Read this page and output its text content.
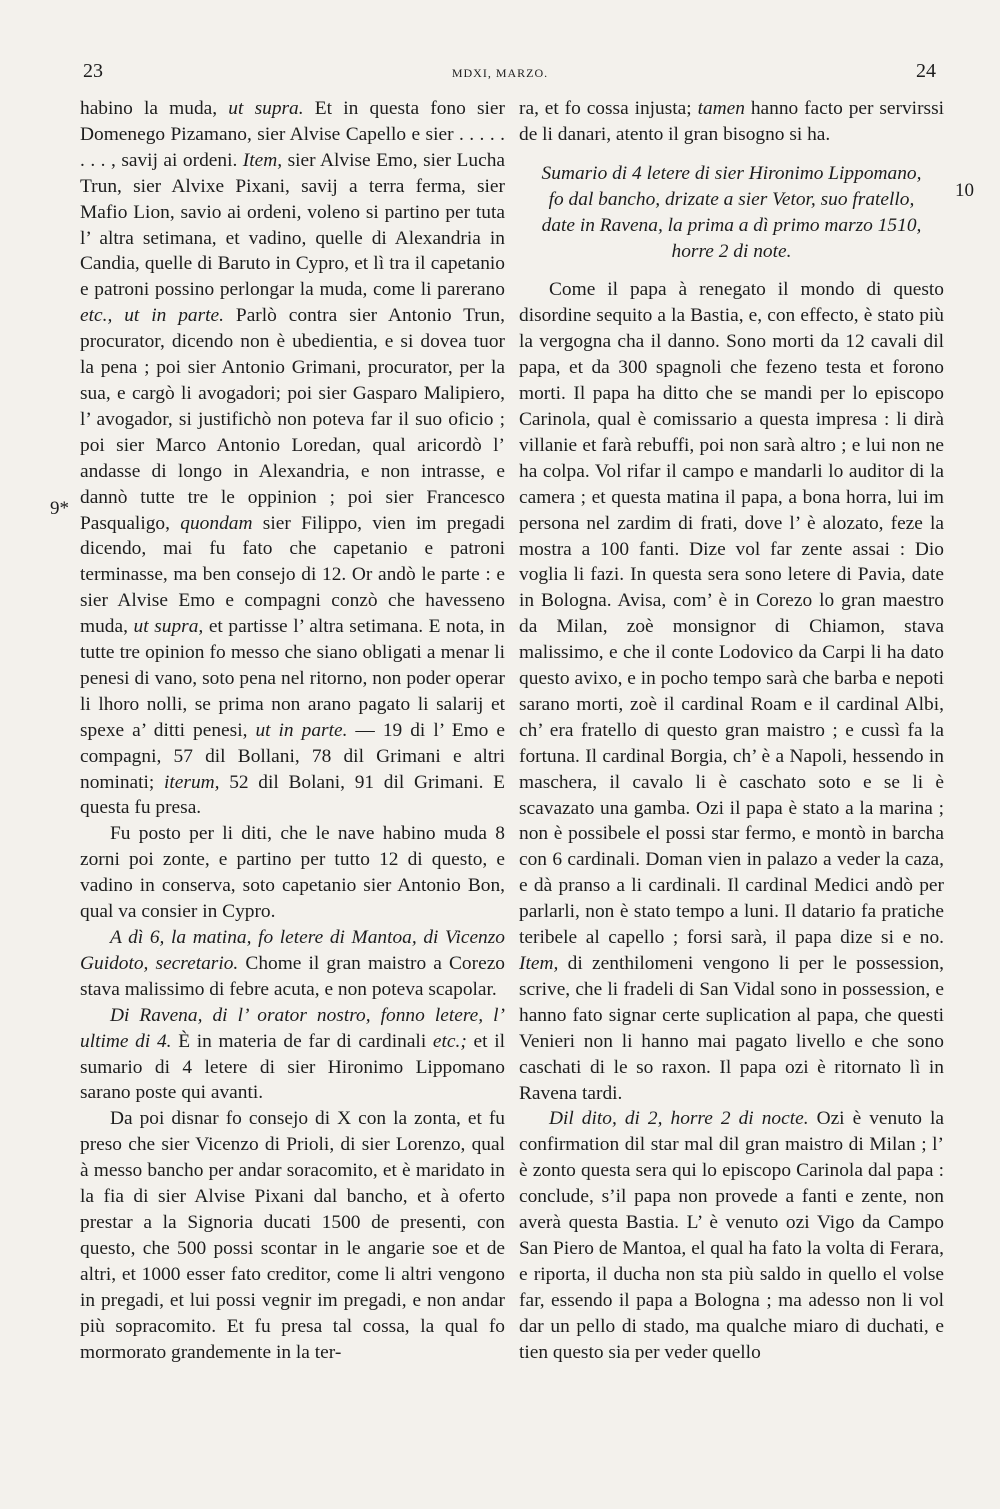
23	MDXI, MARZO.	24
9*
10

habino la muda, ut supra. Et in questa fono sier Domenego Pizamano, sier Alvise Capello e sier . . . . . . . . , savij ai ordeni. Item, sier Alvise Emo, sier Lucha Trun, sier Alvixe Pixani, savij a terra ferma, sier Mafio Lion, savio ai ordeni, voleno si partino per tuta l’ altra setimana, et vadino, quelle di Alexandria in Candia, quelle di Baruto in Cypro, et lì tra il capetanio e patroni possino perlongar la muda, come li parerano etc., ut in parte. Parlò contra sier Antonio Trun, procurator, dicendo non è ubedientia, e si dovea tuor la pena ; poi sier Antonio Grimani, procurator, per la sua, e cargò li avogadori; poi sier Gasparo Malipiero, l’ avogador, si justifichò non poteva far il suo oficio ; poi sier Marco Antonio Loredan, qual aricordò l’ andasse di longo in Alexandria, e non intrasse, e dannò tutte tre le oppinion ; poi sier Francesco Pasqualigo, quondam sier Filippo, vien im pregadi dicendo, mai fu fato che capetanio e patroni terminasse, ma ben consejo di 12. Or andò le parte : e sier Alvise Emo e compagni conzò che havesseno muda, ut supra, et partisse l’ altra setimana. E nota, in tutte tre opinion fo messo che siano obligati a menar li penesi di vano, soto pena nel ritorno, non poder operar li lhoro nolli, se prima non arano pagato li salarij et spexe a’ ditti penesi, ut in parte. — 19 di l’ Emo e compagni, 57 dil Bollani, 78 dil Grimani e altri nominati; iterum, 52 dil Bolani, 91 dil Grimani. E questa fu presa.

Fu posto per li diti, che le nave habino muda 8 zorni poi zonte, e partino per tutto 12 di questo, e vadino in conserva, soto capetanio sier Antonio Bon, qual va consier in Cypro.

A dì 6, la matina, fo letere di Mantoa, di Vicenzo Guidoto, secretario. Chome il gran maistro a Corezo stava malissimo di febre acuta, e non poteva scapolar.

Di Ravena, di l’ orator nostro, fonno letere, l’ ultime di 4. È in materia de far di cardinali etc.; et il sumario di 4 letere di sier Hironimo Lippomano sarano poste qui avanti.

Da poi disnar fo consejo di X con la zonta, et fu preso che sier Vicenzo di Prioli, di sier Lorenzo, qual à messo bancho per andar soracomito, et è maridato in la fia di sier Alvise Pixani dal bancho, et à oferto prestar a la Signoria ducati 1500 de presenti, con questo, che 500 possi scontar in le angarie soe et de altri, et 1000 esser fato creditor, come li altri vengono in pregadi, et lui possi vegnir im pregadi, e non andar più sopracomito. Et fu presa tal cossa, la qual fo mormorato grandemente in la ter-

ra, et fo cossa injusta; tamen hanno facto per servirssi de li danari, atento il gran bisogno si ha.

Sumario di 4 letere di sier Hironimo Lippomano, fo dal bancho, drizate a sier Vetor, suo fratello, date in Ravena, la prima a dì primo marzo 1510, horre 2 di note.

Come il papa à renegato il mondo di questo disordine sequito a la Bastia, e, con effecto, è stato più la vergogna cha il danno. Sono morti da 12 cavali dil papa, et da 300 spagnoli che fezeno testa et forono morti. Il papa ha ditto che se mandi per lo episcopo Carinola, qual è comissario a questa impresa : li dirà villanie et farà rebuffi, poi non sarà altro ; e lui non ne ha colpa. Vol rifar il campo e mandarli lo auditor di la camera ; et questa matina il papa, a bona horra, lui im persona nel zardim di frati, dove l’ è alozato, feze la mostra a 100 fanti. Dize vol far zente assai : Dio voglia li fazi. In questa sera sono letere di Pavia, date in Bologna. Avisa, com’ è in Corezo lo gran maestro da Milan, zoè monsignor di Chiamon, stava malissimo, e che il conte Lodovico da Carpi li ha dato questo avixo, e in pocho tempo sarà che barba e nepoti sarano morti, zoè il cardinal Roam e il cardinal Albi, ch’ era fratello di questo gran maistro ; e cussì fa la fortuna. Il cardinal Borgia, ch’ è a Napoli, hessendo in maschera, il cavalo li è caschato soto e se li è scavazato una gamba. Ozi il papa è stato a la marina ; non è possibele el possi star fermo, e montò in barcha con 6 cardinali. Doman vien in palazo a veder la caza, e dà pranso a li cardinali. Il cardinal Medici andò per parlarli, non è stato tempo a luni. Il datario fa pratiche teribele al capello ; forsi sarà, il papa dize si e no. Item, di zenthilomeni vengono li per le possession, scrive, che li fradeli di San Vidal sono in possession, e hanno fato signar certe suplication al papa, che questi Venieri non li hanno mai pagato livello e che sono caschati di le so raxon. Il papa ozi è ritornato lì in Ravena tardi.

Dil dito, di 2, horre 2 di nocte. Ozi è venuto la confirmation dil star mal dil gran maistro di Milan ; l’ è zonto questa sera qui lo episcopo Carinola dal papa : conclude, s’il papa non provede a fanti e zente, non averà questa Bastia. L’ è venuto ozi Vigo da Campo San Piero de Mantoa, el qual ha fato la volta di Ferara, e riporta, il ducha non sta più saldo in quello el volse far, essendo il papa a Bologna ; ma adesso non li vol dar un pello di stado, ma qualche miaro di duchati, e tien questo sia per veder quello
